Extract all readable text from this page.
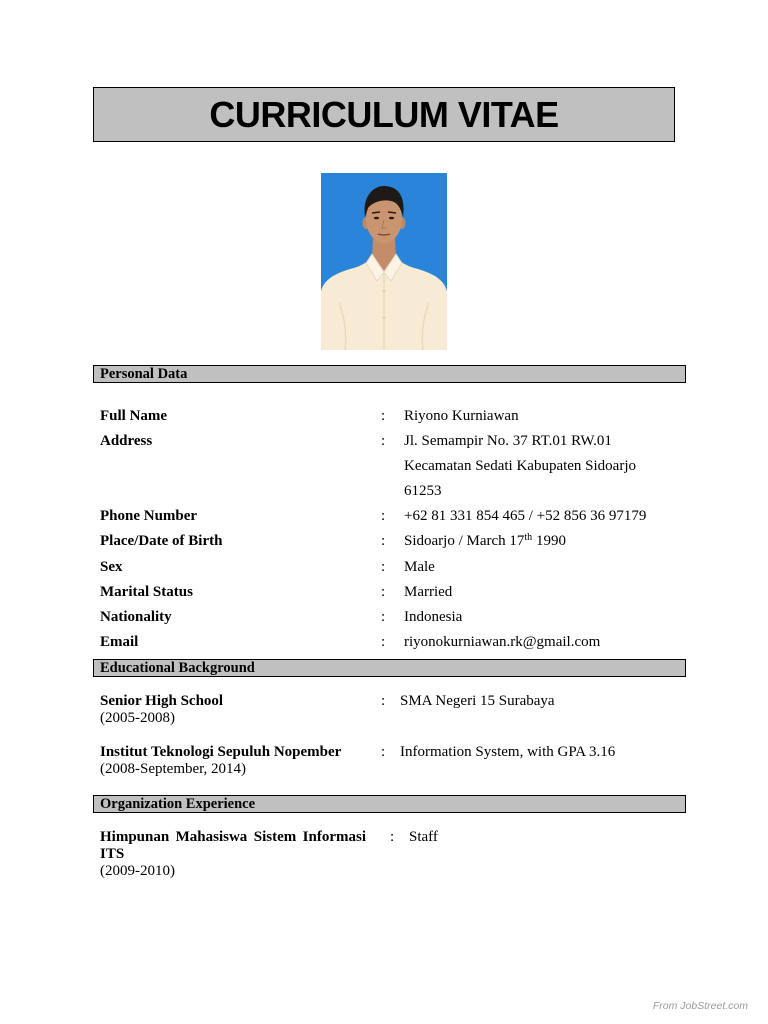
CURRICULUM VITAE
Personal Data
Full Name	: Riyono Kurniawan
Address	: Jl. Semampir No. 37 RT.01 RW.01
Kecamatan Sedati Kabupaten Sidoarjo
61253
Phone Number	: +62 81 331 854 465 / +52 856 36 97179
Place/Date of Birth	: Sidoarjo / March 17th 1990
Sex	: Male
Marital Status	: Married
Nationality	: Indonesia
Email	: riyonokurniawan.rk@gmail.com
Educational Background
Senior High School
(2005-2008)
: SMA Negeri 15 Surabaya
Institut Teknologi Sepuluh Nopember
(2008-September, 2014)
: Information System, with GPA 3.16
Organization Experience
Himpunan Mahasiswa Sistem Informasi
ITS
(2009-2010)
: Staff
From JobStreet.com
